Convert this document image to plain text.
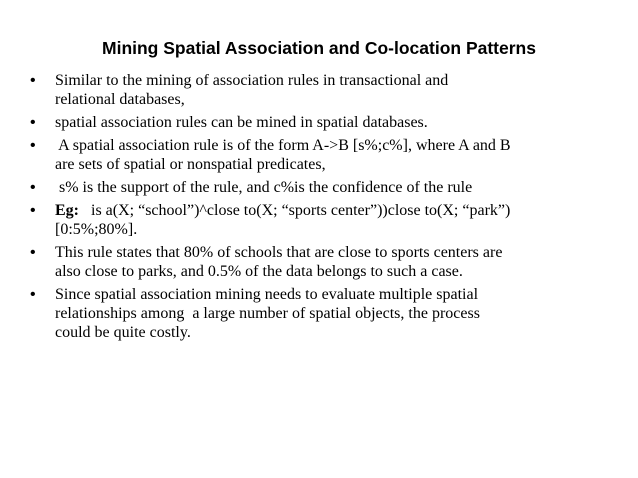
Mining Spatial Association and Co-location Patterns
• Similar to the mining of association rules in transactional and
relational databases,
• spatial association rules can be mined in spatial databases.
• A spatial association rule is of the form A->B [s%;c%], where A and B
are sets of spatial or nonspatial predicates,
• s% is the support of the rule, and c%is the confidence of the rule
• Eg:   is a(X; “school”)^close to(X; “sports center”))close to(X; “park”)
[0:5%;80%].
• This rule states that 80% of schools that are close to sports centers are
also close to parks, and 0.5% of the data belongs to such a case.
• Since spatial association mining needs to evaluate multiple spatial
relationships among  a large number of spatial objects, the process
could be quite costly.
